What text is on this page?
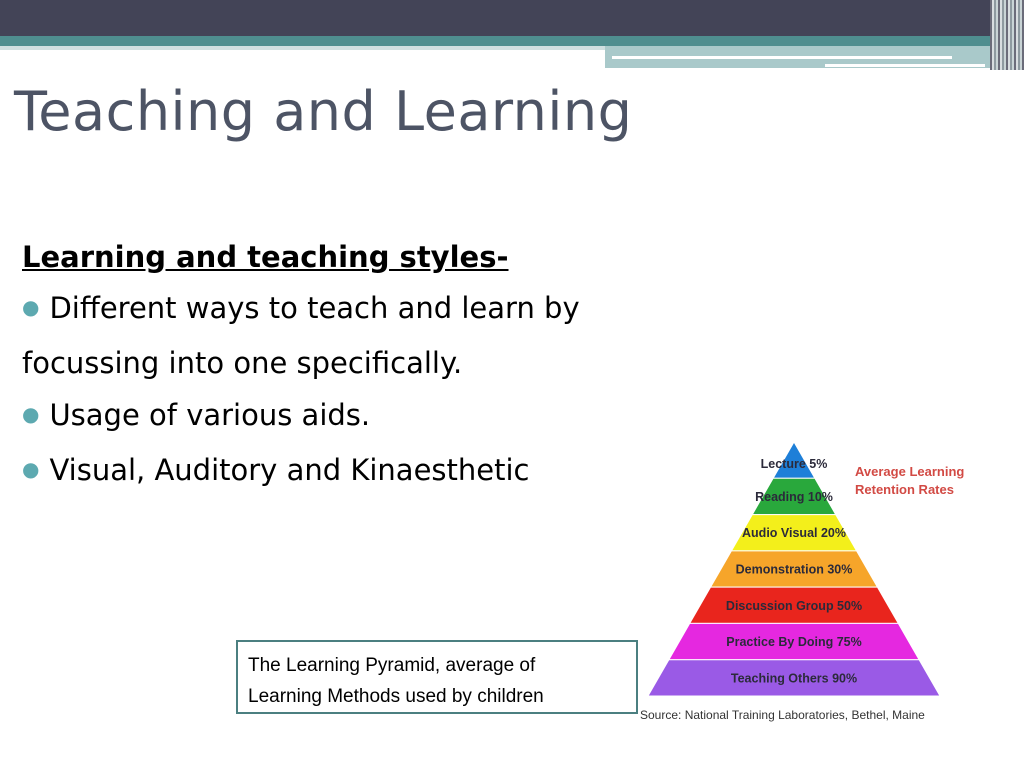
Teaching and Learning
Learning and teaching styles-
● Different ways to teach and learn by
focussing into one specifically.
● Usage of various aids.
● Visual, Auditory and Kinaesthetic	Lecture 5%
Reading 10%
Audio Visual 20%
Demonstration 30%
Discussion Group 50%
Practice By Doing 75%
Teaching Others 90%
Average Learning
Retention Rates
Source: National Training Laboratories, Bethel, Maine
The Learning Pyramid, average of
Learning Methods used by children
